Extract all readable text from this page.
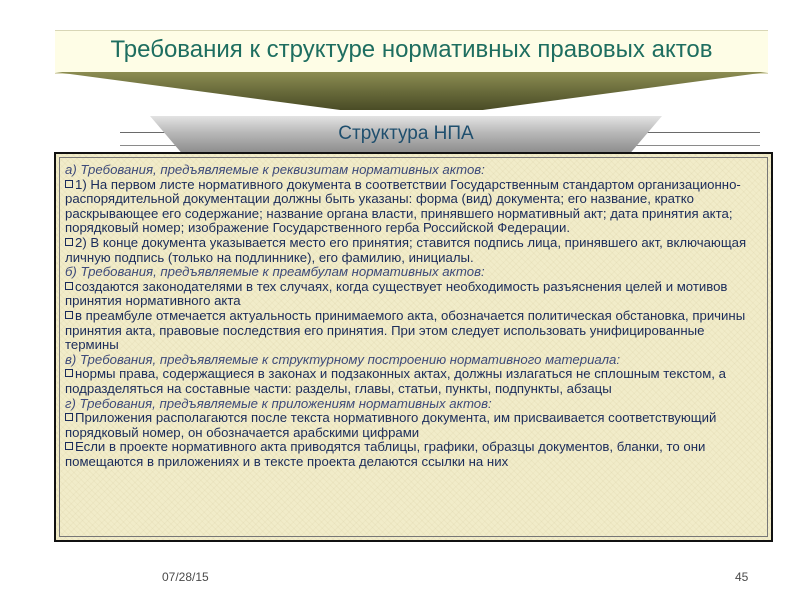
Требования к структуре нормативных правовых актов
Структура НПА

а) Требования, предъявляемые к реквизитам нормативных актов:

1) На первом листе нормативного документа в соответствии Государственным стандартом организационно-распорядительной документации должны быть указаны: форма (вид) документа; его название, кратко раскрывающее его содержание; название органа власти, принявшего нормативный акт; дата принятия акта; порядковый номер; изображение Государственного герба Российской Федерации.

2) В конце документа указывается место его принятия; ставится подпись лица, принявшего акт, включающая личную подпись (только на подлиннике), его фамилию, инициалы.

б) Требования, предъявляемые к преамбулам нормативных актов:

создаются законодателями в тех случаях, когда существует необходимость разъяснения целей и мотивов принятия нормативного акта

в преамбуле отмечается актуальность принимаемого акта, обозначается политическая обстановка, причины принятия акта, правовые последствия его принятия. При этом следует использовать унифицированные термины

в) Требования, предъявляемые к структурному построению нормативного материала:

нормы права, содержащиеся в законах и подзаконных актах, должны излагаться не сплошным текстом, а подразделяться на составные части: разделы, главы, статьи, пункты, подпункты, абзацы

г) Требования, предъявляемые к приложениям нормативных актов:

Приложения располагаются после текста нормативного документа, им присваивается соответствующий порядковый номер, он обозначается арабскими цифрами

Если в проекте нормативного акта приводятся таблицы, графики, образцы документов, бланки, то они помещаются в приложениях и в тексте проекта делаются ссылки на них

07/28/15	45
